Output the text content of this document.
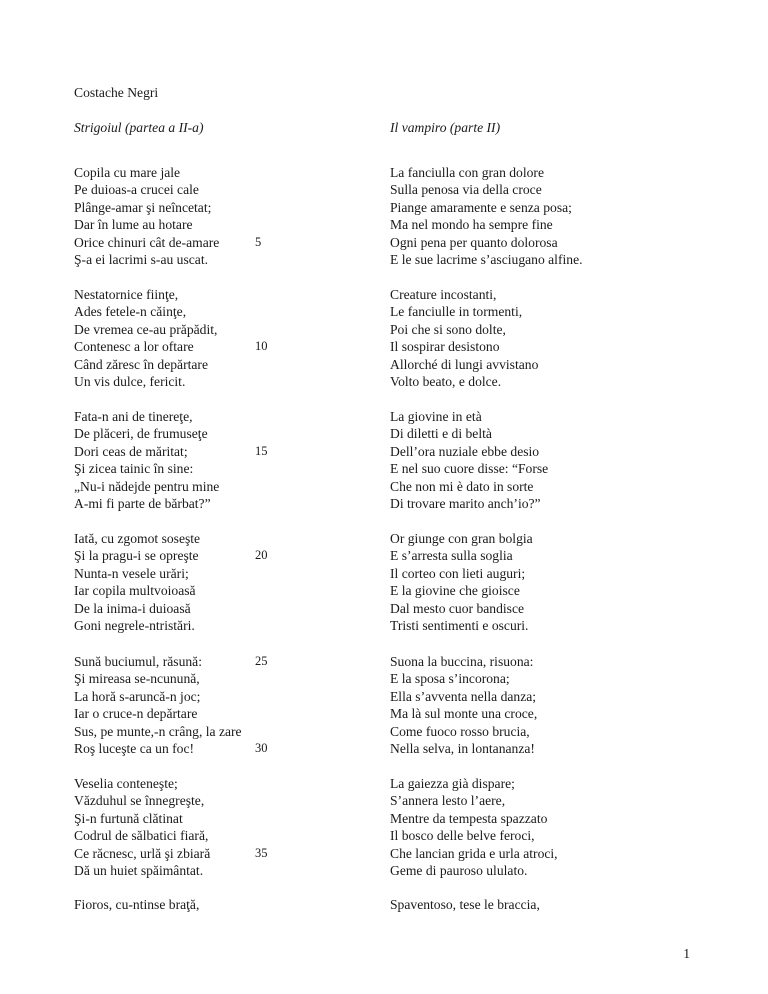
Costache Negri
Strigoiul (partea a II-a)	Il vampiro (parte II)
Copila cu mare jale
Pe duioas-a crucei cale
Plânge-amar şi neîncetat;
Dar în lume au hotare
Orice chinuri cât de-amare
Ş-a ei lacrimi s-au uscat.
La fanciulla con gran dolore
Sulla penosa via della croce
Piange amaramente e senza posa;
Ma nel mondo ha sempre fine
Ogni pena per quanto dolorosa
E le sue lacrime s’asciugano alfine.
Nestatornice fiinţe,
Ades fetele-n căinţe,
De vremea ce-au prăpădit,
Contenesc a lor oftare
Când zăresc în depărtare
Un vis dulce, fericit.
Creature incostanti,
Le fanciulle in tormenti,
Poi che si sono dolte,
Il sospirar desistono
Allorché di lungi avvistano
Volto beato, e dolce.
Fata-n ani de tinereţe,
De plăceri, de frumuseţe
Dori ceas de măritat;
Şi zicea tainic în sine:
„Nu-i nădejde pentru mine
A-mi fi parte de bărbat?”
La giovine in età
Di diletti e di beltà
Dell’ora nuziale ebbe desio
E nel suo cuore disse: “Forse
Che non mi è dato in sorte
Di trovare marito anch’io?”
Iată, cu zgomot soseşte
Şi la pragu-i se opreşte
Nunta-n vesele urări;
Iar copila multvoioasă
De la inima-i duioasă
Goni negrele-ntristări.
Or giunge con gran bolgia
E s’arresta sulla soglia
Il corteo con lieti auguri;
E la giovine che gioisce
Dal mesto cuor bandisce
Tristi sentimenti e oscuri.
Sună buciumul, răsună:
Şi mireasa se-ncunună,
La horă s-aruncă-n joc;
Iar o cruce-n depărtare
Sus, pe munte,-n crâng, la zare
Roş luceşte ca un foc!
Suona la buccina, risuona:
E la sposa s’incorona;
Ella s’avventa nella danza;
Ma là sul monte una croce,
Come fuoco rosso brucia,
Nella selva, in lontananza!
Veselia conteneşte;
Văzduhul se înnegreşte,
Şi-n furtună clătinat
Codrul de sălbatici fiară,
Ce răcnesc, urlă şi zbiară
Dă un huiet spăimântat.
La gaiezza già dispare;
S’annera lesto l’aere,
Mentre da tempesta spazzato
Il bosco delle belve feroci,
Che lancian grida e urla atroci,
Geme di pauroso ululato.
Fioros, cu-ntinse braţă,	Spaventoso, tese le braccia,
5
10
15
20
25
30
35
1
